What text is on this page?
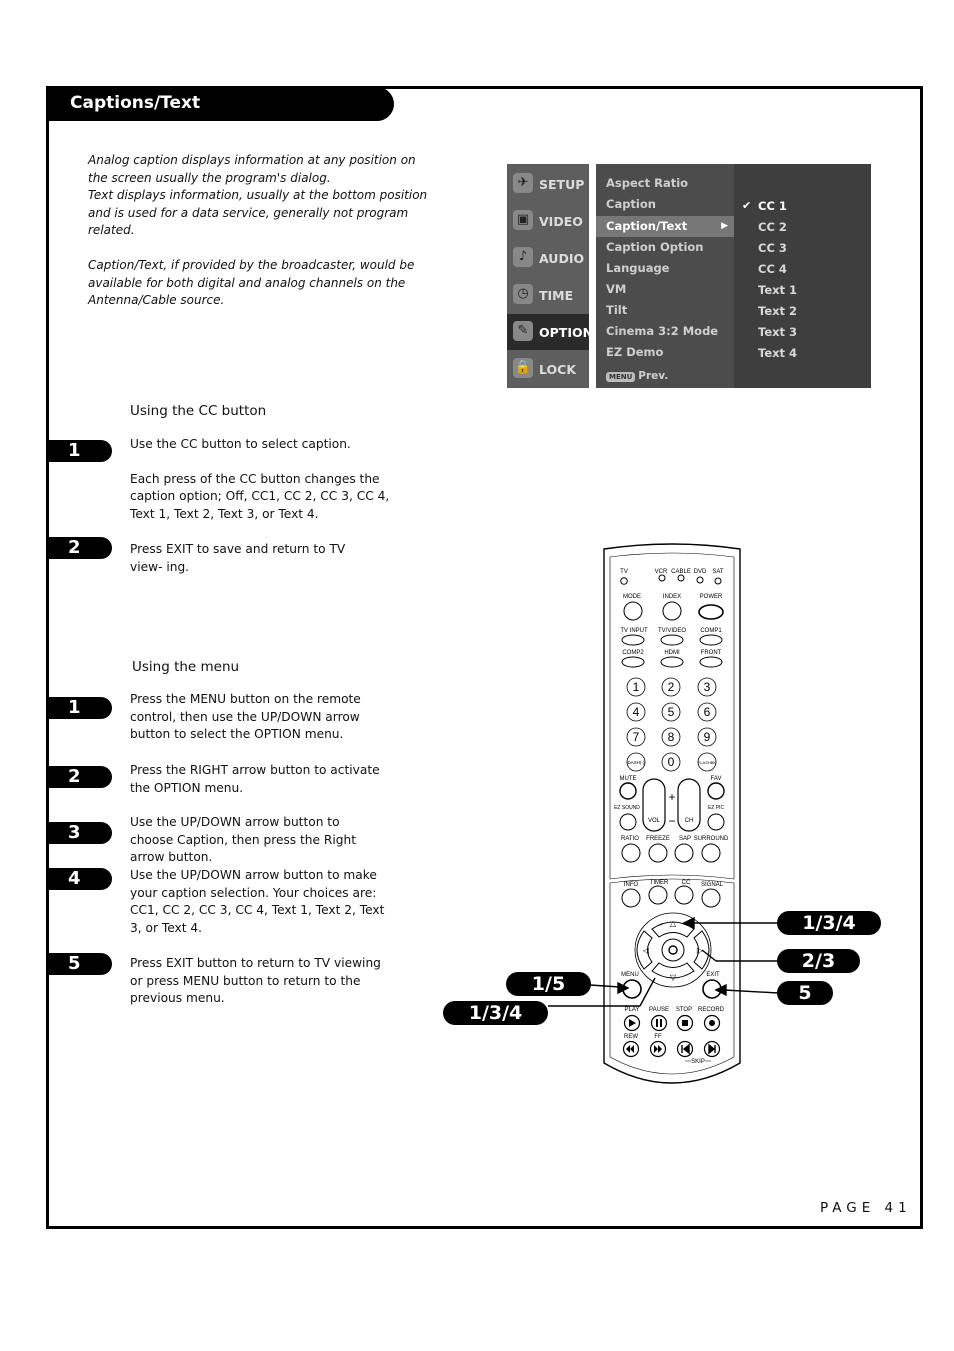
Captions/Text
Analog caption displays information at any position on the screen usually the program's dialog.

Text displays information, usually at the bottom position and is used for a data service, generally not program related.

Caption/Text, if provided by the broadcaster, would be available for both digital and analog channels on the Antenna/Cable source.

✈ SETUP
▣ VIDEO
♪ AUDIO
◷ TIME
✎ OPTION
🔒 LOCK
Aspect Ratio
Caption
Caption/Text	▶
Caption Option
Language
VM
Tilt
Cinema 3:2 Mode
EZ Demo
MENU Prev.
✔ CC 1
CC 2
CC 3
CC 4
Text 1
Text 2
Text 3
Text 4
Using the CC button
1	Use the CC button to select caption.

Each press of the CC button changes the caption option; Off, CC1, CC 2, CC 3, CC 4, Text 1, Text 2, Text 3, or Text 4.

2	Press EXIT to save and return to TV view- ing.
Using the menu
1	Press the MENU button on the remote control, then use the UP/DOWN arrow button to select the OPTION menu.
2	Press the RIGHT arrow button to activate the OPTION menu.
3	Use the UP/DOWN arrow button to choose Caption, then press the Right arrow button.
4	Use the UP/DOWN arrow button to make your caption selection. Your choices are: CC1, CC 2, CC 3, CC 4, Text 1, Text 2, Text 3, or Text 4.
5	Press EXIT button to return to TV viewing or press MENU button to return to the previous menu.
TV	VCR CABLE DVD SAT
MODE	INDEX	POWER
TV INPUT TV/VIDEO COMP1
COMP2	HDMI	FRONT
1 2 3
4 5 6
7 8 9
0
DASH(-)	FLASHBK
MUTE	FAV
+
−
VOL	CH
EZ SOUND	EZ PIC
RATIO FREEZE SAP SURROUND
INFO TIMER CC SIGNAL
△
▽
◁	▷
MENU	EXIT
PLAY PAUSE STOP RECORD
REW	FF
SKIP
1/3/4
2/3
5
1/5
1/3/4
PAGE 41
